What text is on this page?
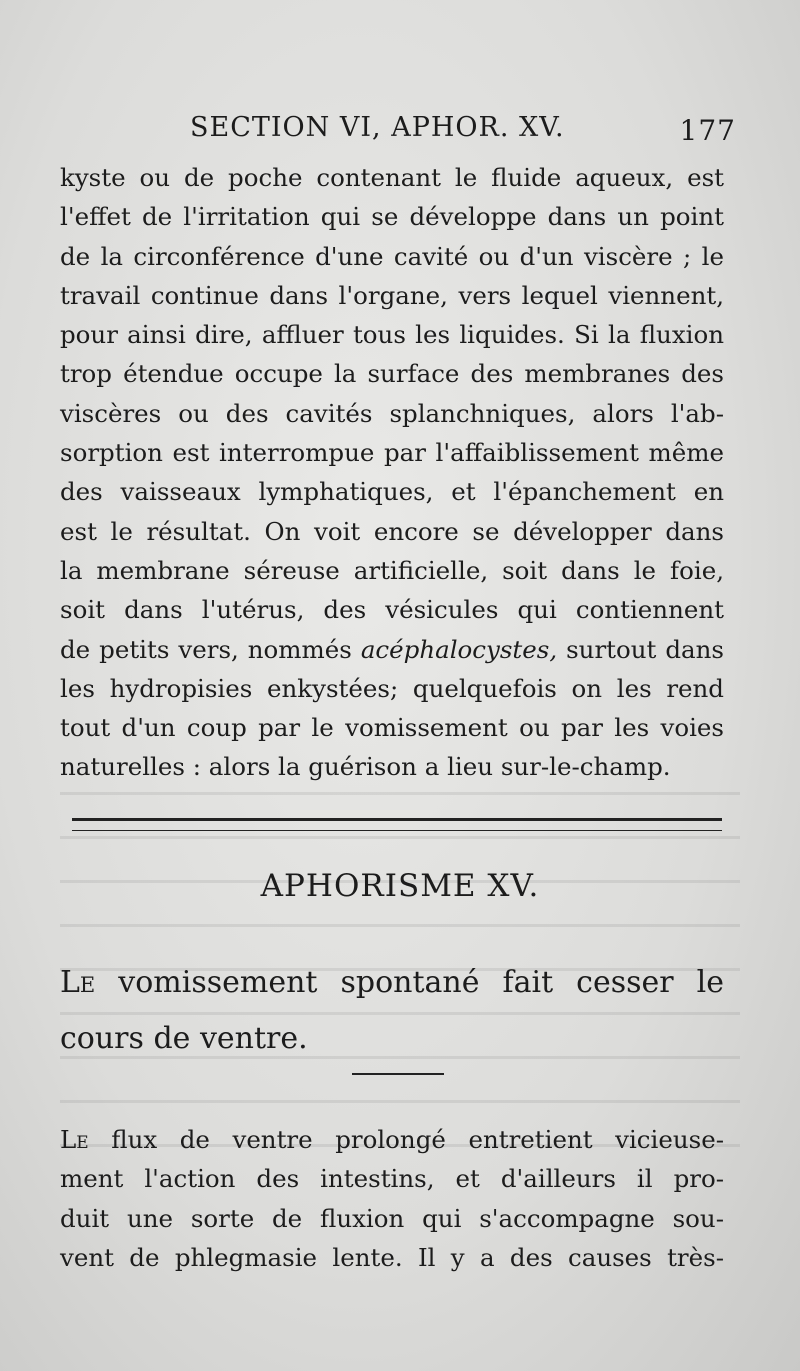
SECTION VI, APHOR. XV.	177
kyste ou de poche contenant le fluide aqueux, est
l'effet de l'irritation qui se développe dans un point
de la circonférence d'une cavité ou d'un viscère ; le
travail continue dans l'organe, vers lequel viennent,
pour ainsi dire, affluer tous les liquides. Si la fluxion
trop étendue occupe la surface des membranes des
viscères ou des cavités splanchniques, alors l'ab-
sorption est interrompue par l'affaiblissement même
des vaisseaux lymphatiques, et l'épanchement en
est le résultat. On voit encore se développer dans
la membrane séreuse artificielle, soit dans le foie,
soit dans l'utérus, des vésicules qui contiennent
de petits vers, nommés acéphalocystes, surtout dans
les hydropisies enkystées; quelquefois on les rend
tout d'un coup par le vomissement ou par les voies
naturelles : alors la guérison a lieu sur-le-champ.
APHORISME XV.
Le vomissement spontané fait cesser le
cours de ventre.
Le flux de ventre prolongé entretient vicieuse-
ment l'action des intestins, et d'ailleurs il pro-
duit une sorte de fluxion qui s'accompagne sou-
vent de phlegmasie lente. Il y a des causes très-
